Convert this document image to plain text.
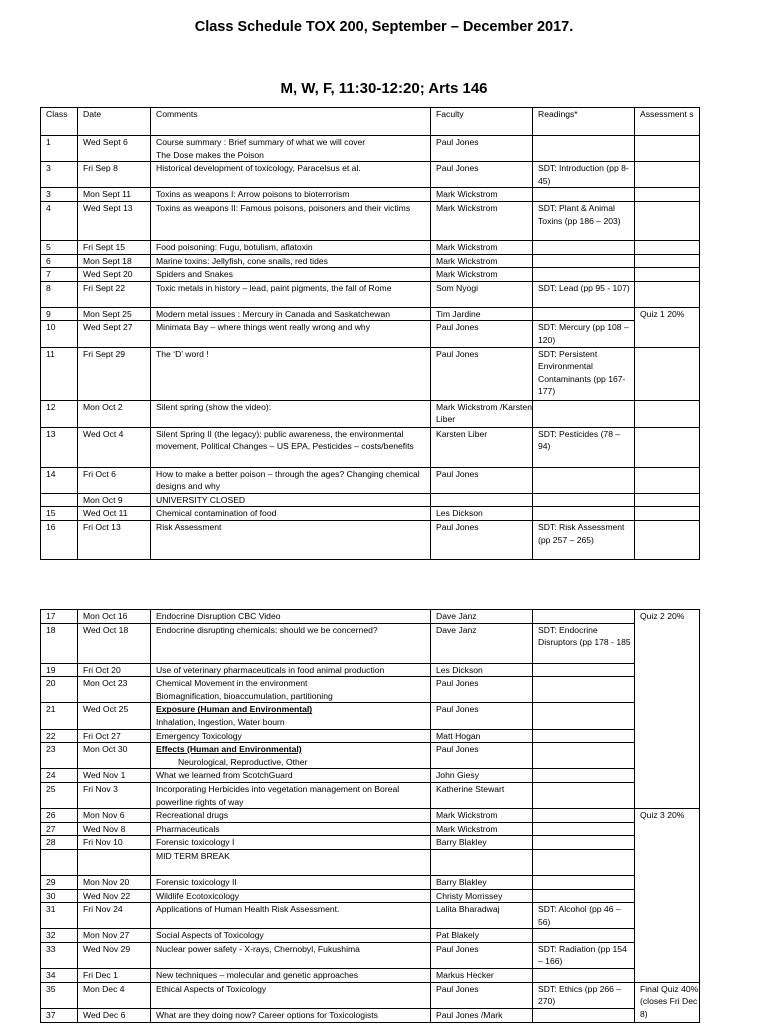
Class Schedule TOX 200, September – December 2017.
M, W, F, 11:30-12:20; Arts 146
Class	Date	Comments	Faculty	Readings*	Assessment s
1	Wed Sept 6	Course summary : Brief summary of what we will cover
The Dose makes the Poison	Paul Jones		
3	Fri Sep 8	Historical development of toxicology, Paracelsus et al.	Paul Jones	SDT: Introduction (pp 8-45)	
3	Mon Sept 11	Toxins as weapons I: Arrow poisons to bioterrorism	Mark Wickstrom		
4	Wed Sept 13	Toxins as weapons II: Famous poisons, poisoners and their victims	Mark Wickstrom	SDT: Plant & Animal Toxins (pp 186 – 203)	
5	Fri Sept 15	Food poisoning: Fugu, botulism, aflatoxin	Mark Wickstrom		
6	Mon Sept 18	Marine toxins: Jellyfish, cone snails, red tides	Mark Wickstrom		
7	Wed Sept 20	Spiders and Snakes	Mark Wickstrom		
8	Fri Sept 22	Toxic metals in history – lead, paint pigments, the fall of Rome	Som Nyogi	SDT: Lead (pp 95 - 107)	
9	Mon Sept 25	Modern metal issues : Mercury in Canada and Saskatchewan	Tim Jardine		Quiz 1 20%
10	Wed Sept 27	Minimata Bay – where things went really wrong and why	Paul Jones	SDT: Mercury (pp 108 – 120)	
11	Fri Sept 29	The ‘D’ word !	Paul Jones	SDT: Persistent Environmental Contaminants (pp 167-177)	
12	Mon Oct 2	Silent spring (show the video):	Mark Wickstrom /Karsten Liber		
13	Wed Oct 4	Silent Spring II (the legacy): public awareness, the environmental movement, Political Changes – US EPA, Pesticides – costs/benefits	Karsten Liber	SDT: Pesticides (78 – 94)	
14	Fri Oct 6	How to make a better poison – through the ages? Changing chemical designs and why	Paul Jones		
	Mon Oct 9	UNIVERSITY CLOSED			

15	Wed Oct 11	Chemical contamination of food	Les Dickson		
16	Fri Oct 13	Risk Assessment	Paul Jones	SDT: Risk Assessment (pp 257 – 265)	
17	Mon Oct 16	Endocrine Disruption CBC Video	Dave Janz		Quiz 2 20%
18	Wed Oct 18	Endocrine disrupting chemicals: should we be concerned?	Dave Janz	SDT: Endocrine Disruptors (pp 178 - 185	
19	Fri Oct 20	Use of veterinary pharmaceuticals in food animal production	Les Dickson		
20	Mon Oct 23	Chemical Movement in the environment
Biomagnification, bioaccumulation, partitioning	Paul Jones		
21	Wed Oct 25	Exposure (Human and Environmental)
Inhalation, Ingestion, Water bourn	Paul Jones		
22	Fri Oct 27	Emergency Toxicology	Matt Hogan		
23	Mon Oct 30	Effects (Human and Environmental)
Neurological, Reproductive, Other	Paul Jones		
24	Wed Nov 1	What we learned from ScotchGuard	John Giesy		
25	Fri Nov 3	Incorporating Herbicides into vegetation management on Boreal powerline rights of way	Katherine Stewart		
26	Mon Nov 6	Recreational drugs	Mark Wickstrom		Quiz 3 20%
27	Wed Nov 8	Pharmaceuticals	Mark Wickstrom		
28	Fri Nov 10	Forensic toxicology I	Barry Blakley		

		MID TERM BREAK			

29	Mon Nov 20	Forensic toxicology II	Barry Blakley		
30	Wed Nov 22	Wildlife Ecotoxicology	Christy Morrissey		
31	Fri Nov 24	Applications of Human Health Risk Assessment.	Lalita Bharadwaj	SDT: Alcohol (pp 46 – 56)	
32	Mon Nov 27	Social Aspects of Toxicology	Pat Blakely		
33	Wed Nov 29	Nuclear power safety - X-rays, Chernobyl, Fukushima	Paul Jones	SDT: Radiation (pp 154 – 166)	
34	Fri Dec 1	New techniques – molecular and genetic approaches	Markus Hecker		
35	Mon Dec 4	Ethical Aspects of Toxicology	Paul Jones	SDT: Ethics (pp 266 – 270)	Final Quiz 40% (closes Fri Dec 8)
37	Wed Dec 6	What are they doing now? Career options for Toxicologists	Paul Jones /Mark		
